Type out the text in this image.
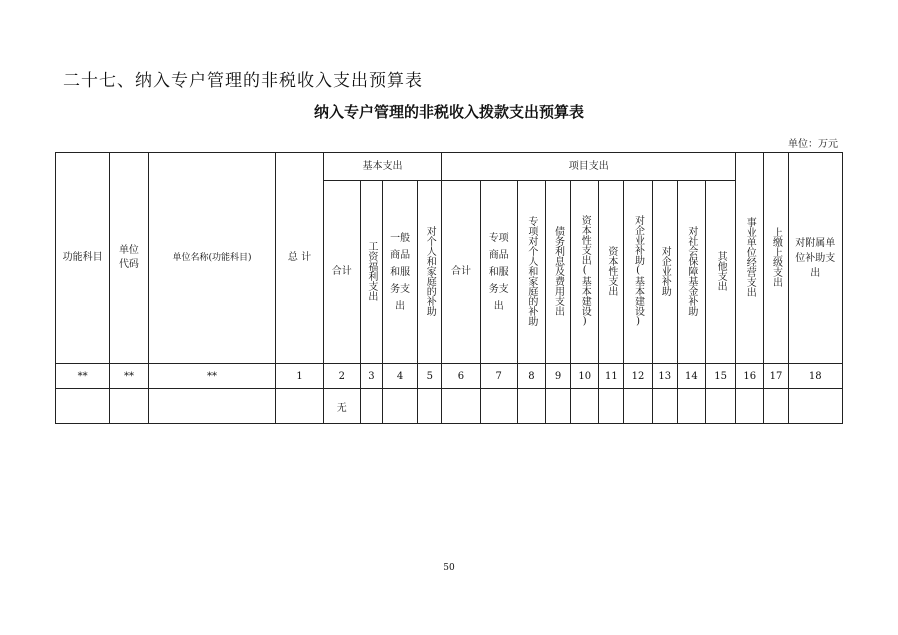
二十七、纳入专户管理的非税收入支出预算表
纳入专户管理的非税收入拨款支出预算表
单位：万元
功能科目	单位代码	单位名称(功能科目)	总 计	基本支出				项目支出										事业单位经营支出	上缴上级支出	对附属单位补助支出
				合计	工资福利支出	一般商品和服务支出	对个人和家庭的补助	合计	专项商品和服务支出	专项对个人和家庭的补助	债务利息及费用支出	资本性支出(基本建设)	资本性支出	对企业补助(基本建设)	对企业补助	对社会保障基金补助	其他支出			
**	**	**	1	2	3	4	5	6	7	8	9	10	11	12	13	14	15	16	17	18
				无																
50
